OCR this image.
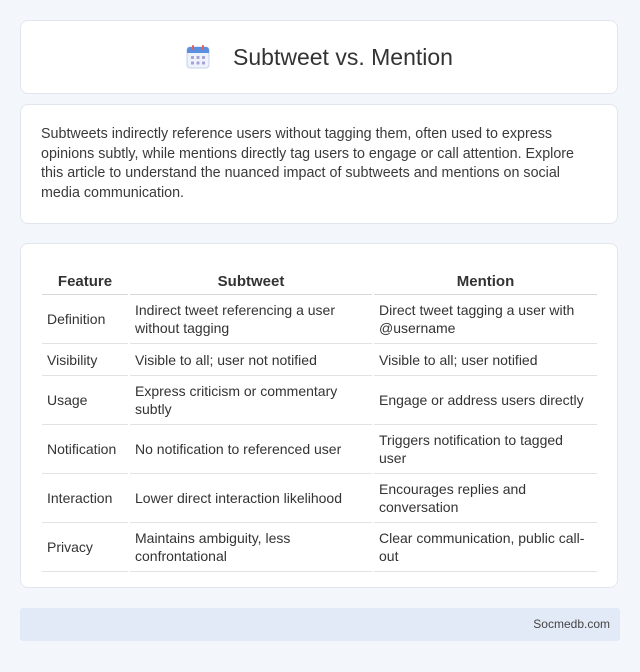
Subtweet vs. Mention

Subtweets indirectly reference users without tagging them, often used to express opinions subtly, while mentions directly tag users to engage or call attention. Explore this article to understand the nuanced impact of subtweets and mentions on social media communication.

Feature	Subtweet	Mention
Definition	Indirect tweet referencing a user without tagging	Direct tweet tagging a user with @username
Visibility	Visible to all; user not notified	Visible to all; user notified
Usage	Express criticism or commentary subtly	Engage or address users directly
Notification	No notification to referenced user	Triggers notification to tagged user
Interaction	Lower direct interaction likelihood	Encourages replies and conversation
Privacy	Maintains ambiguity, less confrontational	Clear communication, public call-out
Socmedb.com
